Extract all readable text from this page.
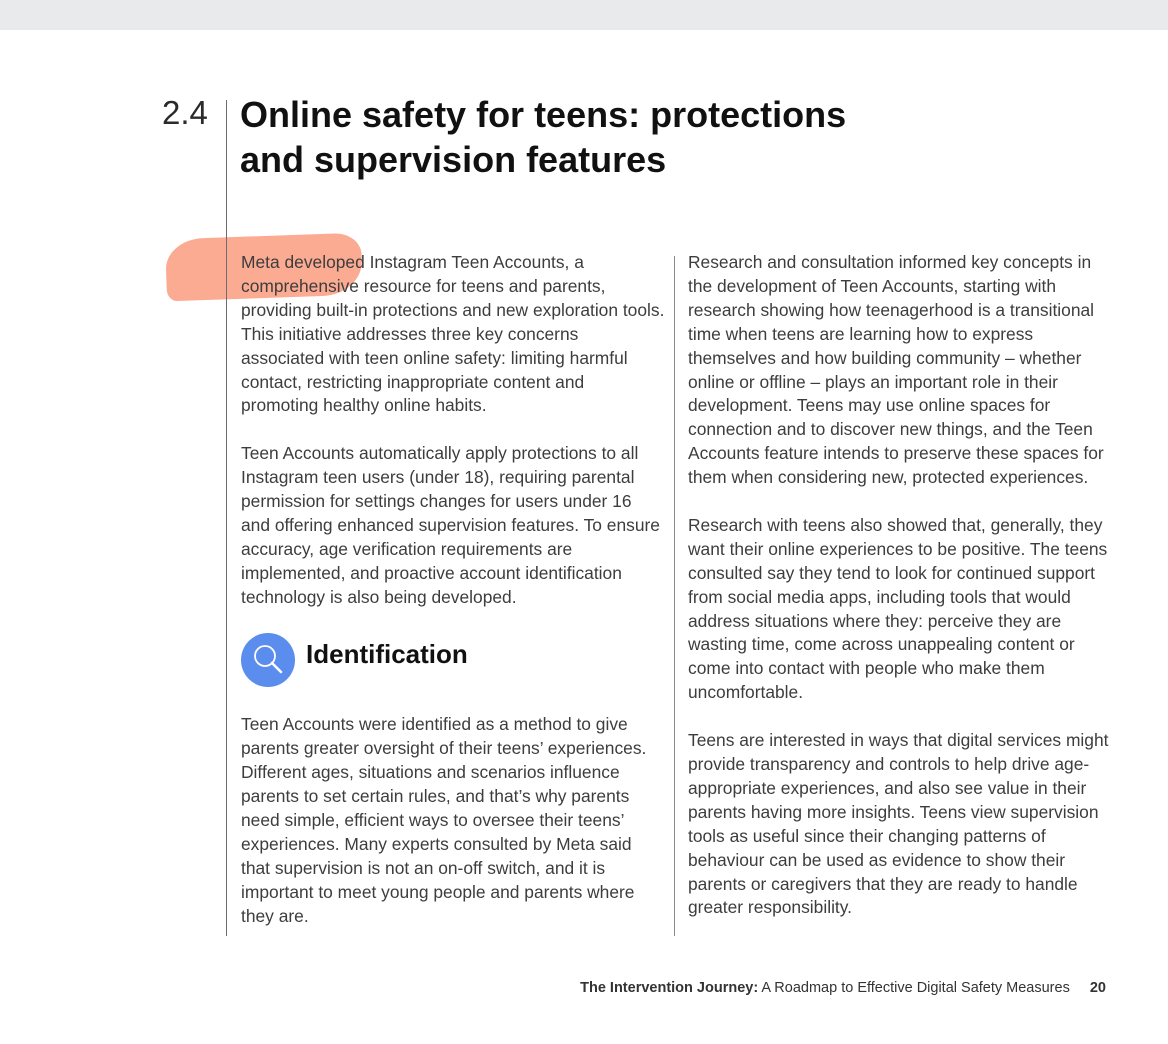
2.4 Online safety for teens: protections and supervision features

Meta developed Instagram Teen Accounts, a comprehensive resource for teens and parents, providing built-in protections and new exploration tools. This initiative addresses three key concerns associated with teen online safety: limiting harmful contact, restricting inappropriate content and promoting healthy online habits.

Teen Accounts automatically apply protections to all Instagram teen users (under 18), requiring parental permission for settings changes for users under 16 and offering enhanced supervision features. To ensure accuracy, age verification requirements are implemented, and proactive account identification technology is also being developed.

Identification

Teen Accounts were identified as a method to give parents greater oversight of their teens’ experiences. Different ages, situations and scenarios influence parents to set certain rules, and that’s why parents need simple, efficient ways to oversee their teens’ experiences. Many experts consulted by Meta said that supervision is not an on-off switch, and it is important to meet young people and parents where they are.

Research and consultation informed key concepts in the development of Teen Accounts, starting with research showing how teenagerhood is a transitional time when teens are learning how to express themselves and how building community – whether online or offline – plays an important role in their development. Teens may use online spaces for connection and to discover new things, and the Teen Accounts feature intends to preserve these spaces for them when considering new, protected experiences.

Research with teens also showed that, generally, they want their online experiences to be positive. The teens consulted say they tend to look for continued support from social media apps, including tools that would address situations where they: perceive they are wasting time, come across unappealing content or come into contact with people who make them uncomfortable.

Teens are interested in ways that digital services might provide transparency and controls to help drive age-appropriate experiences, and also see value in their parents having more insights. Teens view supervision tools as useful since their changing patterns of behaviour can be used as evidence to show their parents or caregivers that they are ready to handle greater responsibility.

The Intervention Journey: A Roadmap to Effective Digital Safety Measures 20
